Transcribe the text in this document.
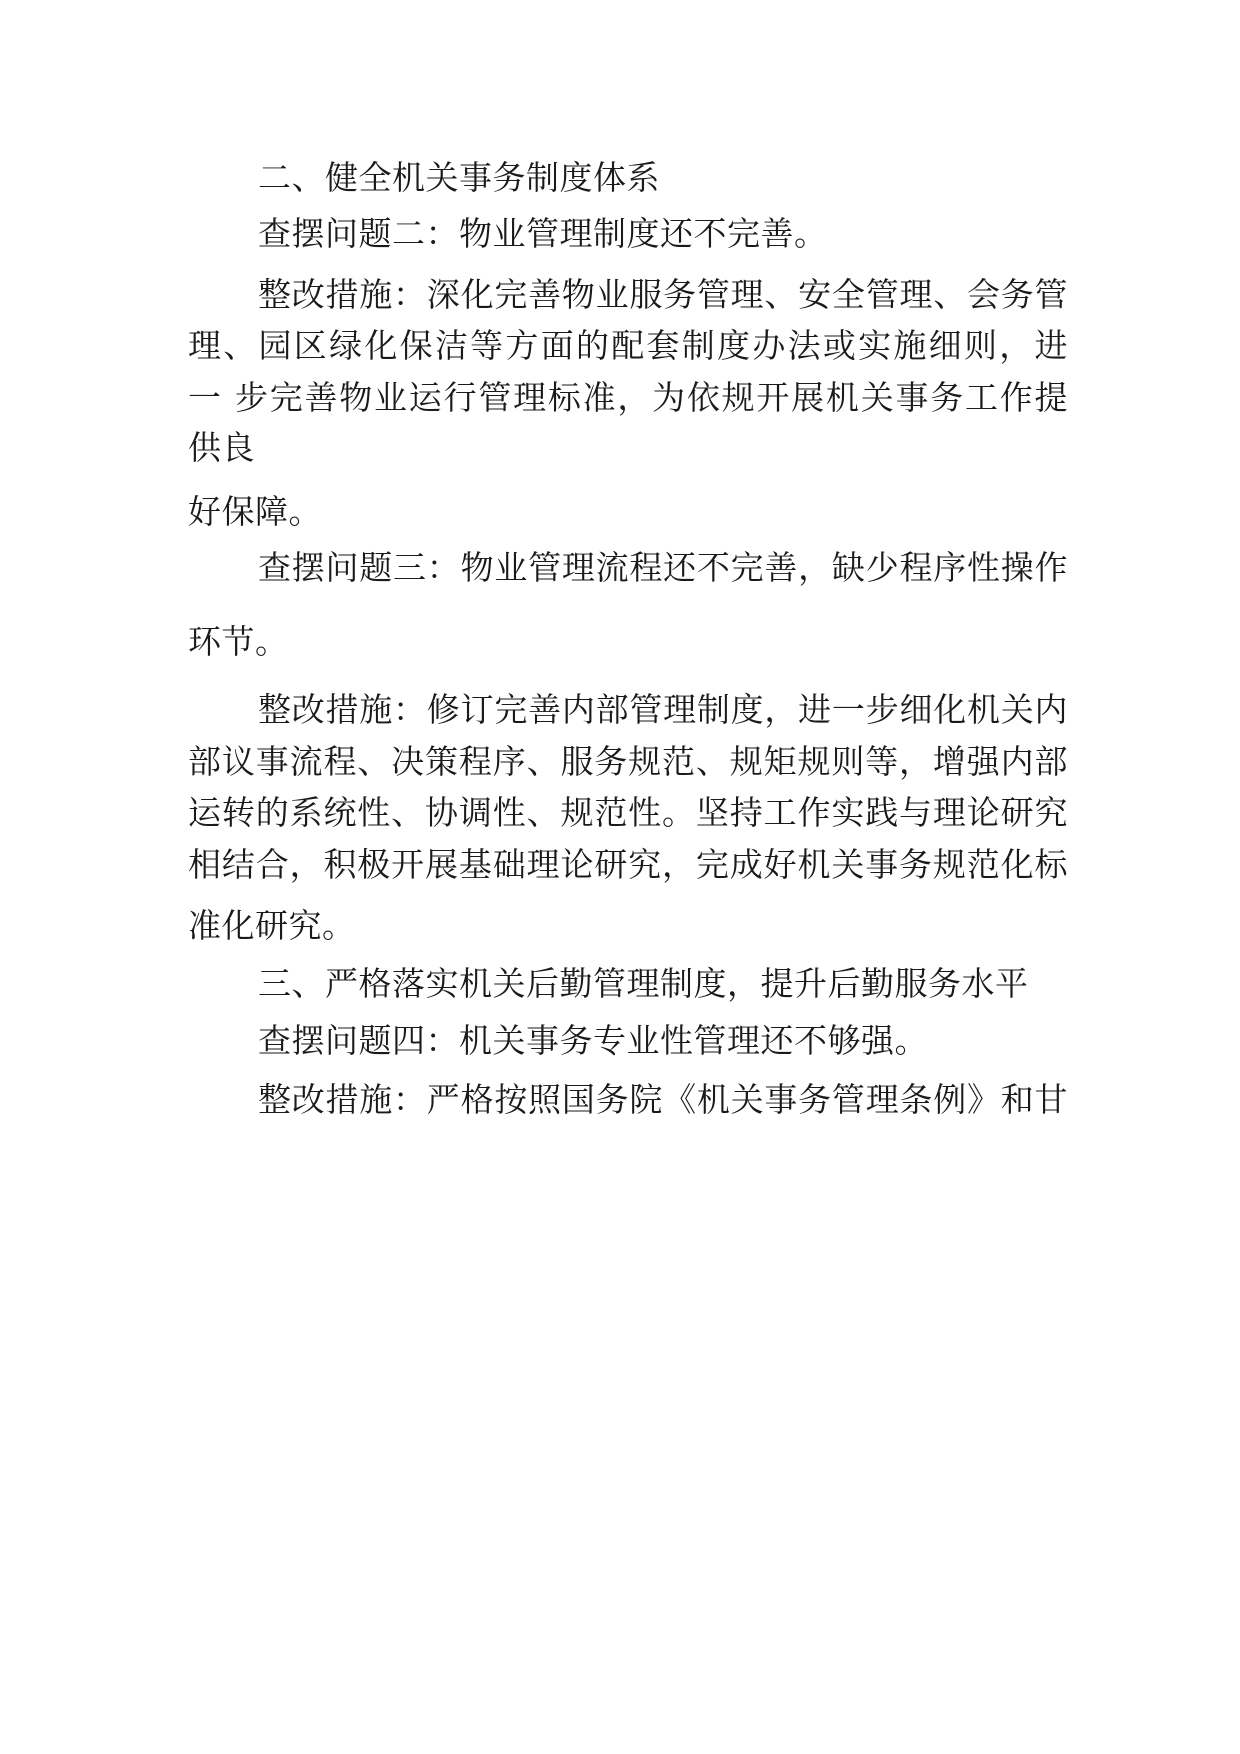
二、健全机关事务制度体系
查摆问题二：物业管理制度还不完善。
整改措施：深化完善物业服务管理、安全管理、会务管
理、园区绿化保洁等方面的配套制度办法或实施细则，进
一 步完善物业运行管理标准，为依规开展机关事务工作提
供良
好保障。
查摆问题三：物业管理流程还不完善，缺少程序性操作
环节。
整改措施：修订完善内部管理制度，进一步细化机关内
部议事流程、决策程序、服务规范、规矩规则等，增强内部
运转的系统性、协调性、规范性。坚持工作实践与理论研究
相结合，积极开展基础理论研究，完成好机关事务规范化标
准化研究。
三、严格落实机关后勤管理制度，提升后勤服务水平
查摆问题四：机关事务专业性管理还不够强。
整改措施：严格按照国务院《机关事务管理条例》和甘
